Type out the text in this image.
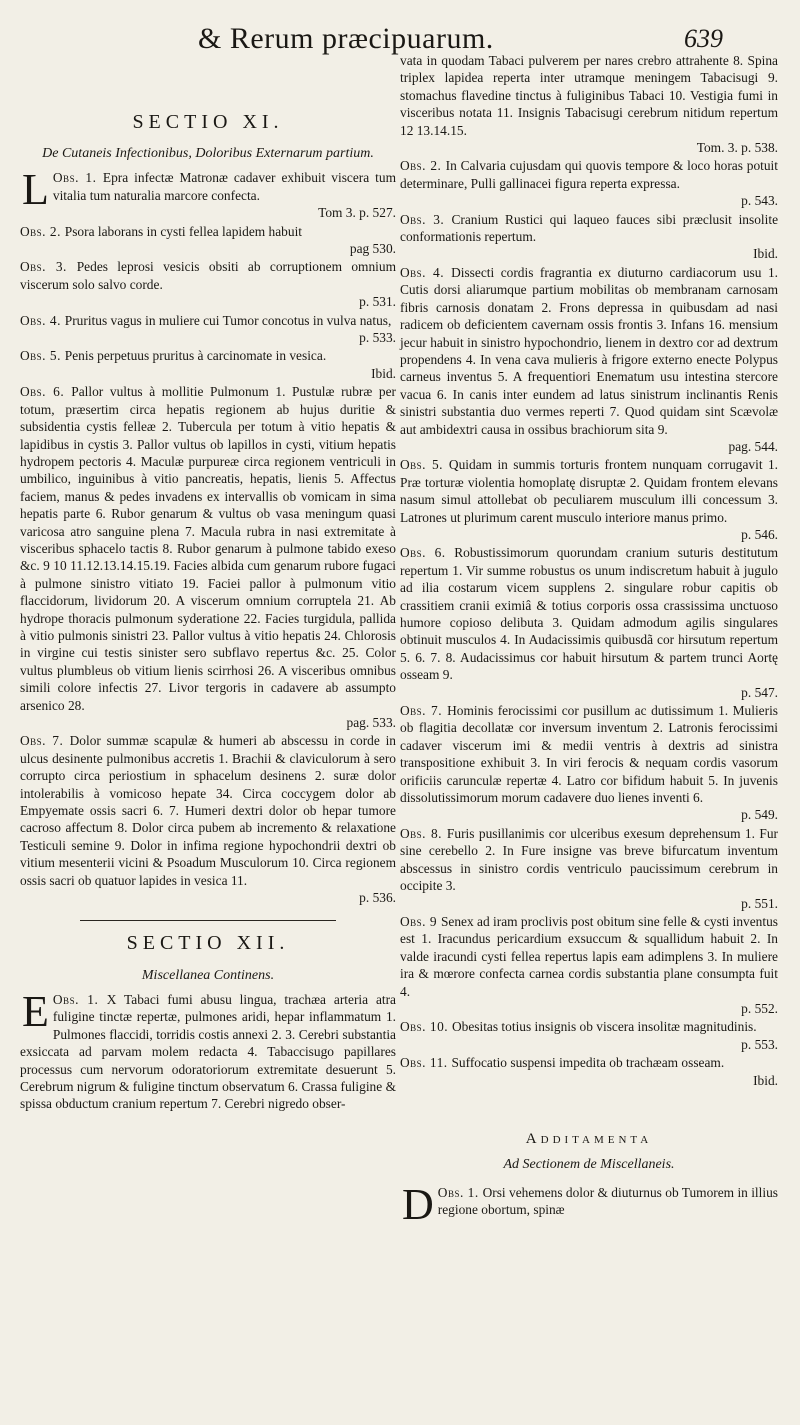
& Rerum præcipuarum.	639
SECTIO XI.
De Cutaneis Infectionibus, Doloribus Externarum partium.
Obs. 1.
L	Epra infectæ Matronæ cadaver exhibuit viscera tum vitalia tum naturalia marcore confecta.
Tom 3. p. 527.
Obs. 2. Psora laborans in cysti fellea lapidem habuit
pag 530.
Obs. 3. Pedes leprosi vesicis obsiti ab corruptionem omnium viscerum solo salvo corde.
p. 531.
Obs. 4. Pruritus vagus in muliere cui Tumor concotus in vulva natus,
p. 533.
Obs. 5. Penis perpetuus pruritus à carcinomate in vesica.
Ibid.
Obs. 6. Pallor vultus à mollitie Pulmonum 1. Pustulæ rubræ per totum, præsertim circa hepatis regionem ab hujus duritie & subsidentia cystis felleæ 2. Tubercula per totum à vitio hepatis & lapidibus in cystis 3. Pallor vultus ob lapillos in cysti, vitium hepatis hydropem pectoris 4. Maculæ purpureæ circa regionem ventriculi in umbilico, inguinibus à vitio pancreatis, hepatis, lienis 5. Affectus faciem, manus & pedes invadens ex intervallis ob vomicam in sima hepatis parte 6. Rubor genarum & vultus ob vasa meningum quasi varicosa atro sanguine plena 7. Macula rubra in nasi extremitate à visceribus sphacelo tactis 8. Rubor genarum à pulmone tabido exeso &c. 9 10 11.12.13.14.15.19. Facies albida cum genarum rubore fugaci à pulmone sinistro vitiato 19. Faciei pallor à pulmonum vitio flaccidorum, lividorum 20. A viscerum omnium corruptela 21. Ab hydrope thoracis pulmonum syderatione 22. Facies turgidula, pallida à vitio pulmonis sinistri 23. Pallor vultus à vitio hepatis 24. Chlorosis in virgine cui testis sinister sero subflavo repertus &c. 25. Color vultus plumbleus ob vitium lienis scirrhosi 26. A visceribus omnibus simili colore infectis 27. Livor tergoris in cadavere ab assumpto arsenico 28.
pag. 533.
Obs. 7. Dolor summæ scapulæ & humeri ab abscessu in corde in ulcus desinente pulmonibus accretis 1. Brachii & claviculorum à sero corrupto circa periostium in sphacelum desinens 2. suræ dolor intolerabilis à vomicoso hepate 34. Circa coccygem dolor ab Empyemate ossis sacri 6. 7. Humeri dextri dolor ob hepar tumore cacroso affectum 8. Dolor circa pubem ab incremento & relaxatione Testiculi semine 9. Dolor in infima regione hypochondrii dextri ob vitium mesenterii vicini & Psoadum Musculorum 10. Circa regionem ossis sacri ob quatuor lapides in vesica 11.
p. 536.
SECTIO XII.
Miscellanea Continens.
Obs. 1.
E	X Tabaci fumi abusu lingua, trachæa arteria atra fuligine tinctæ repertæ, pulmones aridi, hepar inflammatum 1. Pulmones flaccidi, torridis costis annexi 2. 3. Cerebri substantia exsiccata ad parvam molem redacta 4. Tabaccisugo papillares processus cum nervorum odoratoriorum extremitate desuerunt 5. Cerebrum nigrum & fuligine tinctum observatum 6. Crassa fuligine & spissa obductum cranium repertum 7. Cerebri nigredo obser-
vata in quodam Tabaci pulverem per nares crebro attrahente 8. Spina triplex lapidea reperta inter utramque meningem Tabacisugi 9. stomachus flavedine tinctus à fuliginibus Tabaci 10. Vestigia fumi in visceribus notata 11. Insignis Tabacisugi cerebrum nitidum repertum 12 13.14.15.
Tom. 3. p. 538.
Obs. 2. In Calvaria cujusdam qui quovis tempore & loco horas potuit determinare, Pulli gallinacei figura reperta expressa.
p. 543.
Obs. 3. Cranium Rustici qui laqueo fauces sibi præclusit insolite conformationis repertum.
Ibid.
Obs. 4. Dissecti cordis fragrantia ex diuturno cardiacorum usu 1. Cutis dorsi aliarumque partium mobilitas ob membranam carnosam fibris carnosis donatam 2. Frons depressa in quibusdam ad nasi radicem ob deficientem cavernam ossis frontis 3. Infans 16. mensium jecur habuit in sinistro hypochondrio, lienem in dextro cor ad dextrum propendens 4. In vena cava mulieris à frigore externo enecte Polypus carneus inventus 5. A frequentiori Enematum usu intestina stercore vacua 6. In canis inter eundem ad latus sinistrum inclinantis Renis sinistri substantia duo vermes reperti 7. Quod quidam sint Scævolæ aut ambidextri causa in ossibus brachiorum sita 9.
pag. 544.
Obs. 5. Quidam in summis torturis frontem nunquam corrugavit 1. Præ torturæ violentia homoplatę disruptæ 2. Quidam frontem elevans nasum simul attollebat ob peculiarem musculum illi concessum 3. Latrones ut plurimum carent musculo interiore manus primo.
p. 546.
Obs. 6. Robustissimorum quorundam cranium suturis destitutum repertum 1. Vir summe robustus os unum indiscretum habuit à jugulo ad ilia costarum vicem supplens 2. singulare robur capitis ob crassitiem cranii eximiâ & totius corporis ossa crassissima unctuoso humore copioso delibuta 3. Quidam admodum agilis singulares obtinuit musculos 4. In Audacissimis quibusdã cor hirsutum repertum 5. 6. 7. 8. Audacissimus cor habuit hirsutum & partem trunci Aortę osseam 9.
p. 547.
Obs. 7. Hominis ferocissimi cor pusillum ac dutissimum 1. Mulieris ob flagitia decollatæ cor inversum inventum 2. Latronis ferocissimi cadaver viscerum imi & medii ventris à dextris ad sinistra transpositione exhibuit 3. In viri ferocis & nequam cordis vasorum orificiis carunculæ repertæ 4. Latro cor bifidum habuit 5. In juvenis dissolutissimorum morum cadavere duo lienes inventi 6.
p. 549.
Obs. 8. Furis pusillanimis cor ulceribus exesum deprehensum 1. Fur sine cerebello 2. In Fure insigne vas breve bifurcatum inventum abscessus in sinistro cordis ventriculo paucissimum cerebrum in occipite 3.
p. 551.
Obs. 9 Senex ad iram proclivis post obitum sine felle & cysti inventus est 1. Iracundus pericardium exsuccum & squallidum habuit 2. In valde iracundi cysti fellea repertus lapis eam adimplens 3. In muliere ira & mœrore confecta carnea cordis substantia plane consumpta fuit 4.
p. 552.
Obs. 10. Obesitas totius insignis ob viscera insolitæ magnitudinis.
p. 553.
Obs. 11. Suffocatio suspensi impedita ob trachæam osseam.
Ibid.
Additamenta
Ad Sectionem de Miscellaneis.
Obs. 1.
D	Orsi vehemens dolor & diuturnus ob Tumorem in illius regione obortum, spinæ
